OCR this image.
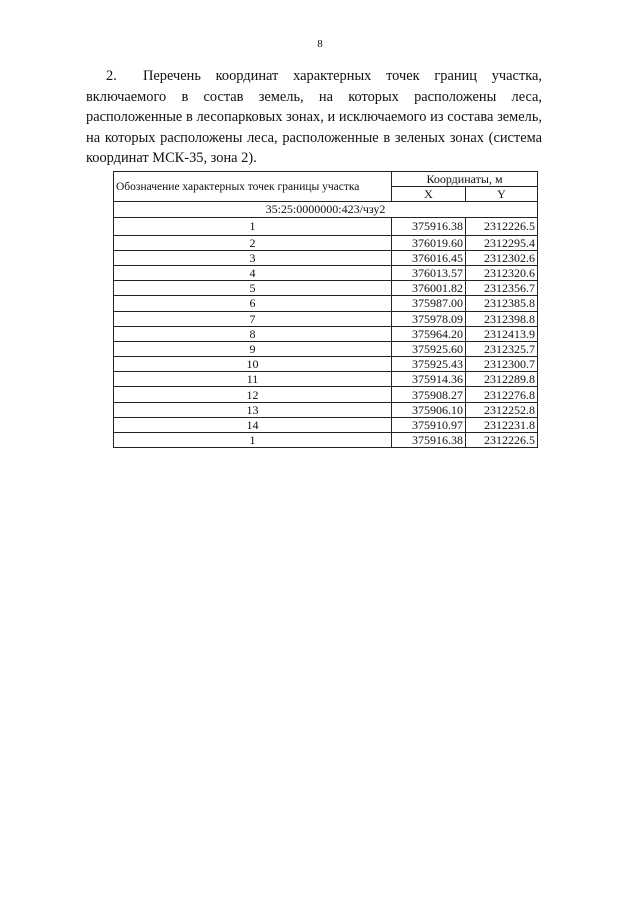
8
2. Перечень координат характерных точек границ участка, включаемого в состав земель, на которых расположены леса, расположенные в лесопарковых зонах, и исключаемого из состава земель, на которых расположены леса, расположенные в зеленых зонах (система координат МСК-35, зона 2).
Обозначение характерных точек границы участка	Координаты, м	
	X	Y
35:25:0000000:423/чзу2		
1	375916.38	2312226.5
2	376019.60	2312295.4
3	376016.45	2312302.6
4	376013.57	2312320.6
5	376001.82	2312356.7
6	375987.00	2312385.8
7	375978.09	2312398.8
8	375964.20	2312413.9
9	375925.60	2312325.7
10	375925.43	2312300.7
11	375914.36	2312289.8
12	375908.27	2312276.8
13	375906.10	2312252.8
14	375910.97	2312231.8
1	375916.38	2312226.5
